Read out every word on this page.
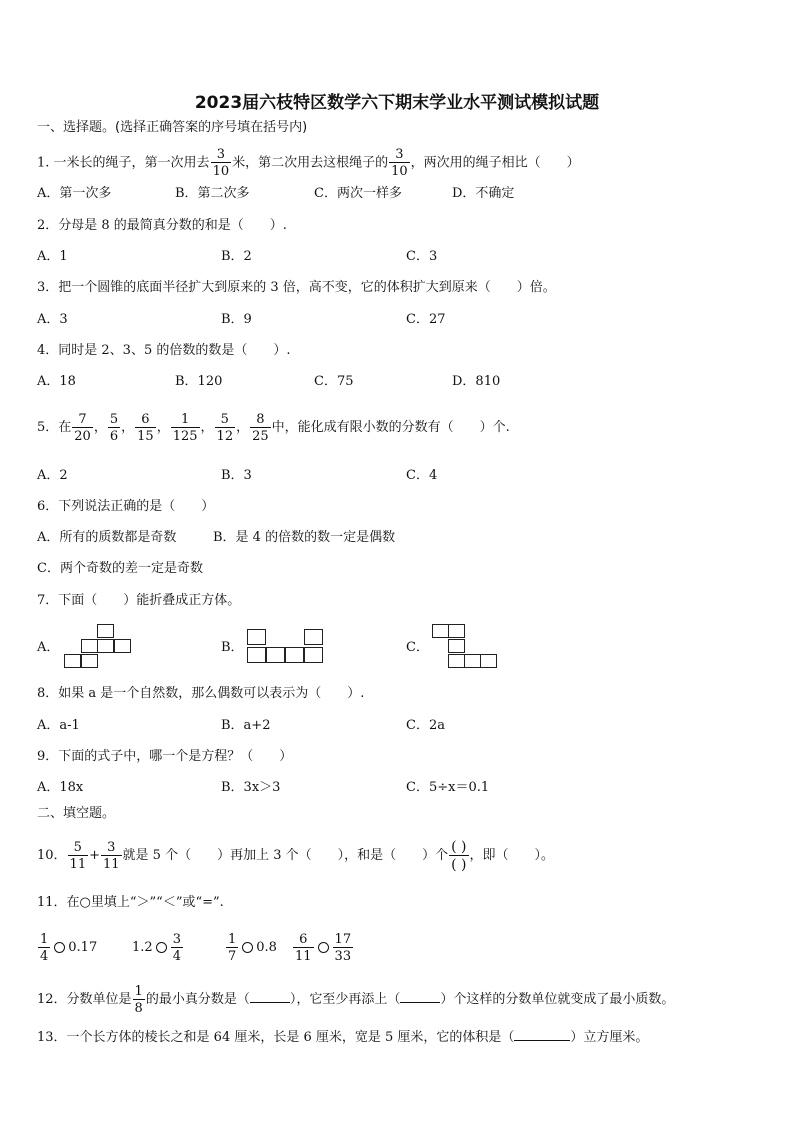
2023届六枝特区数学六下期末学业水平测试模拟试题
一、选择题。(选择正确答案的序号填在括号内)
1. 一米长的绳子，第一次用去 $\frac{3}{10}$ 米，第二次用去这根绳子的 $\frac{3}{10}$ ，两次用的绳子相比（　　）
A．第一次多	B．第二次多	C．两次一样多	D．不确定
2．分母是 8 的最简真分数的和是（　　）.
A．1	B．2	C．3
3．把一个圆锥的底面半径扩大到原来的 3 倍，高不变，它的体积扩大到原来（　　）倍。
A．3	B．9	C．27
4．同时是 2、3、5 的倍数的数是（　　）.
A．18	B．120	C．75	D．810
5．在 $\frac{7}{20}$ ， $\frac{5}{6}$ ， $\frac{6}{15}$ ， $\frac{1}{125}$ ， $\frac{5}{12}$ ， $\frac{8}{25}$ 中，能化成有限小数的分数有（　　）个.
A．2	B．3	C．4
6．下列说法正确的是（　　）
A．所有的质数都是奇数	B．是 4 的倍数的数一定是偶数
C．两个奇数的差一定是奇数
7．下面（　　）能折叠成正方体。
A．	B．	C．
8．如果 a 是一个自然数，那么偶数可以表示为（　　）.
A．a-1	B．a+2	C．2a
9．下面的式子中，哪一个是方程？（　　）
A．18x	B．3x＞3	C．5÷x＝0.1
二、填空题。
10． $\frac{5}{11} + \frac{3}{11}$ 就是 5 个（　　）再加上 3 个（　　），和是（　　）个 $\frac{( )}{( )}$ ，即（　　）。
11．在○里填上“＞”“＜”或“=”.
$\frac{1}{4} 0.17$	$1.2 \frac{3}{4}$	$\frac{1}{7} 0.8 \frac{6}{11} \frac{17}{33}$
12．分数单位是 $\frac{1}{8}$ 的最小真分数是（	），它至少再添上（	）个这样的分数单位就变成了最小质数。
13．一个长方体的棱长之和是 64 厘米，长是 6 厘米，宽是 5 厘米，它的体积是（	）立方厘米。
